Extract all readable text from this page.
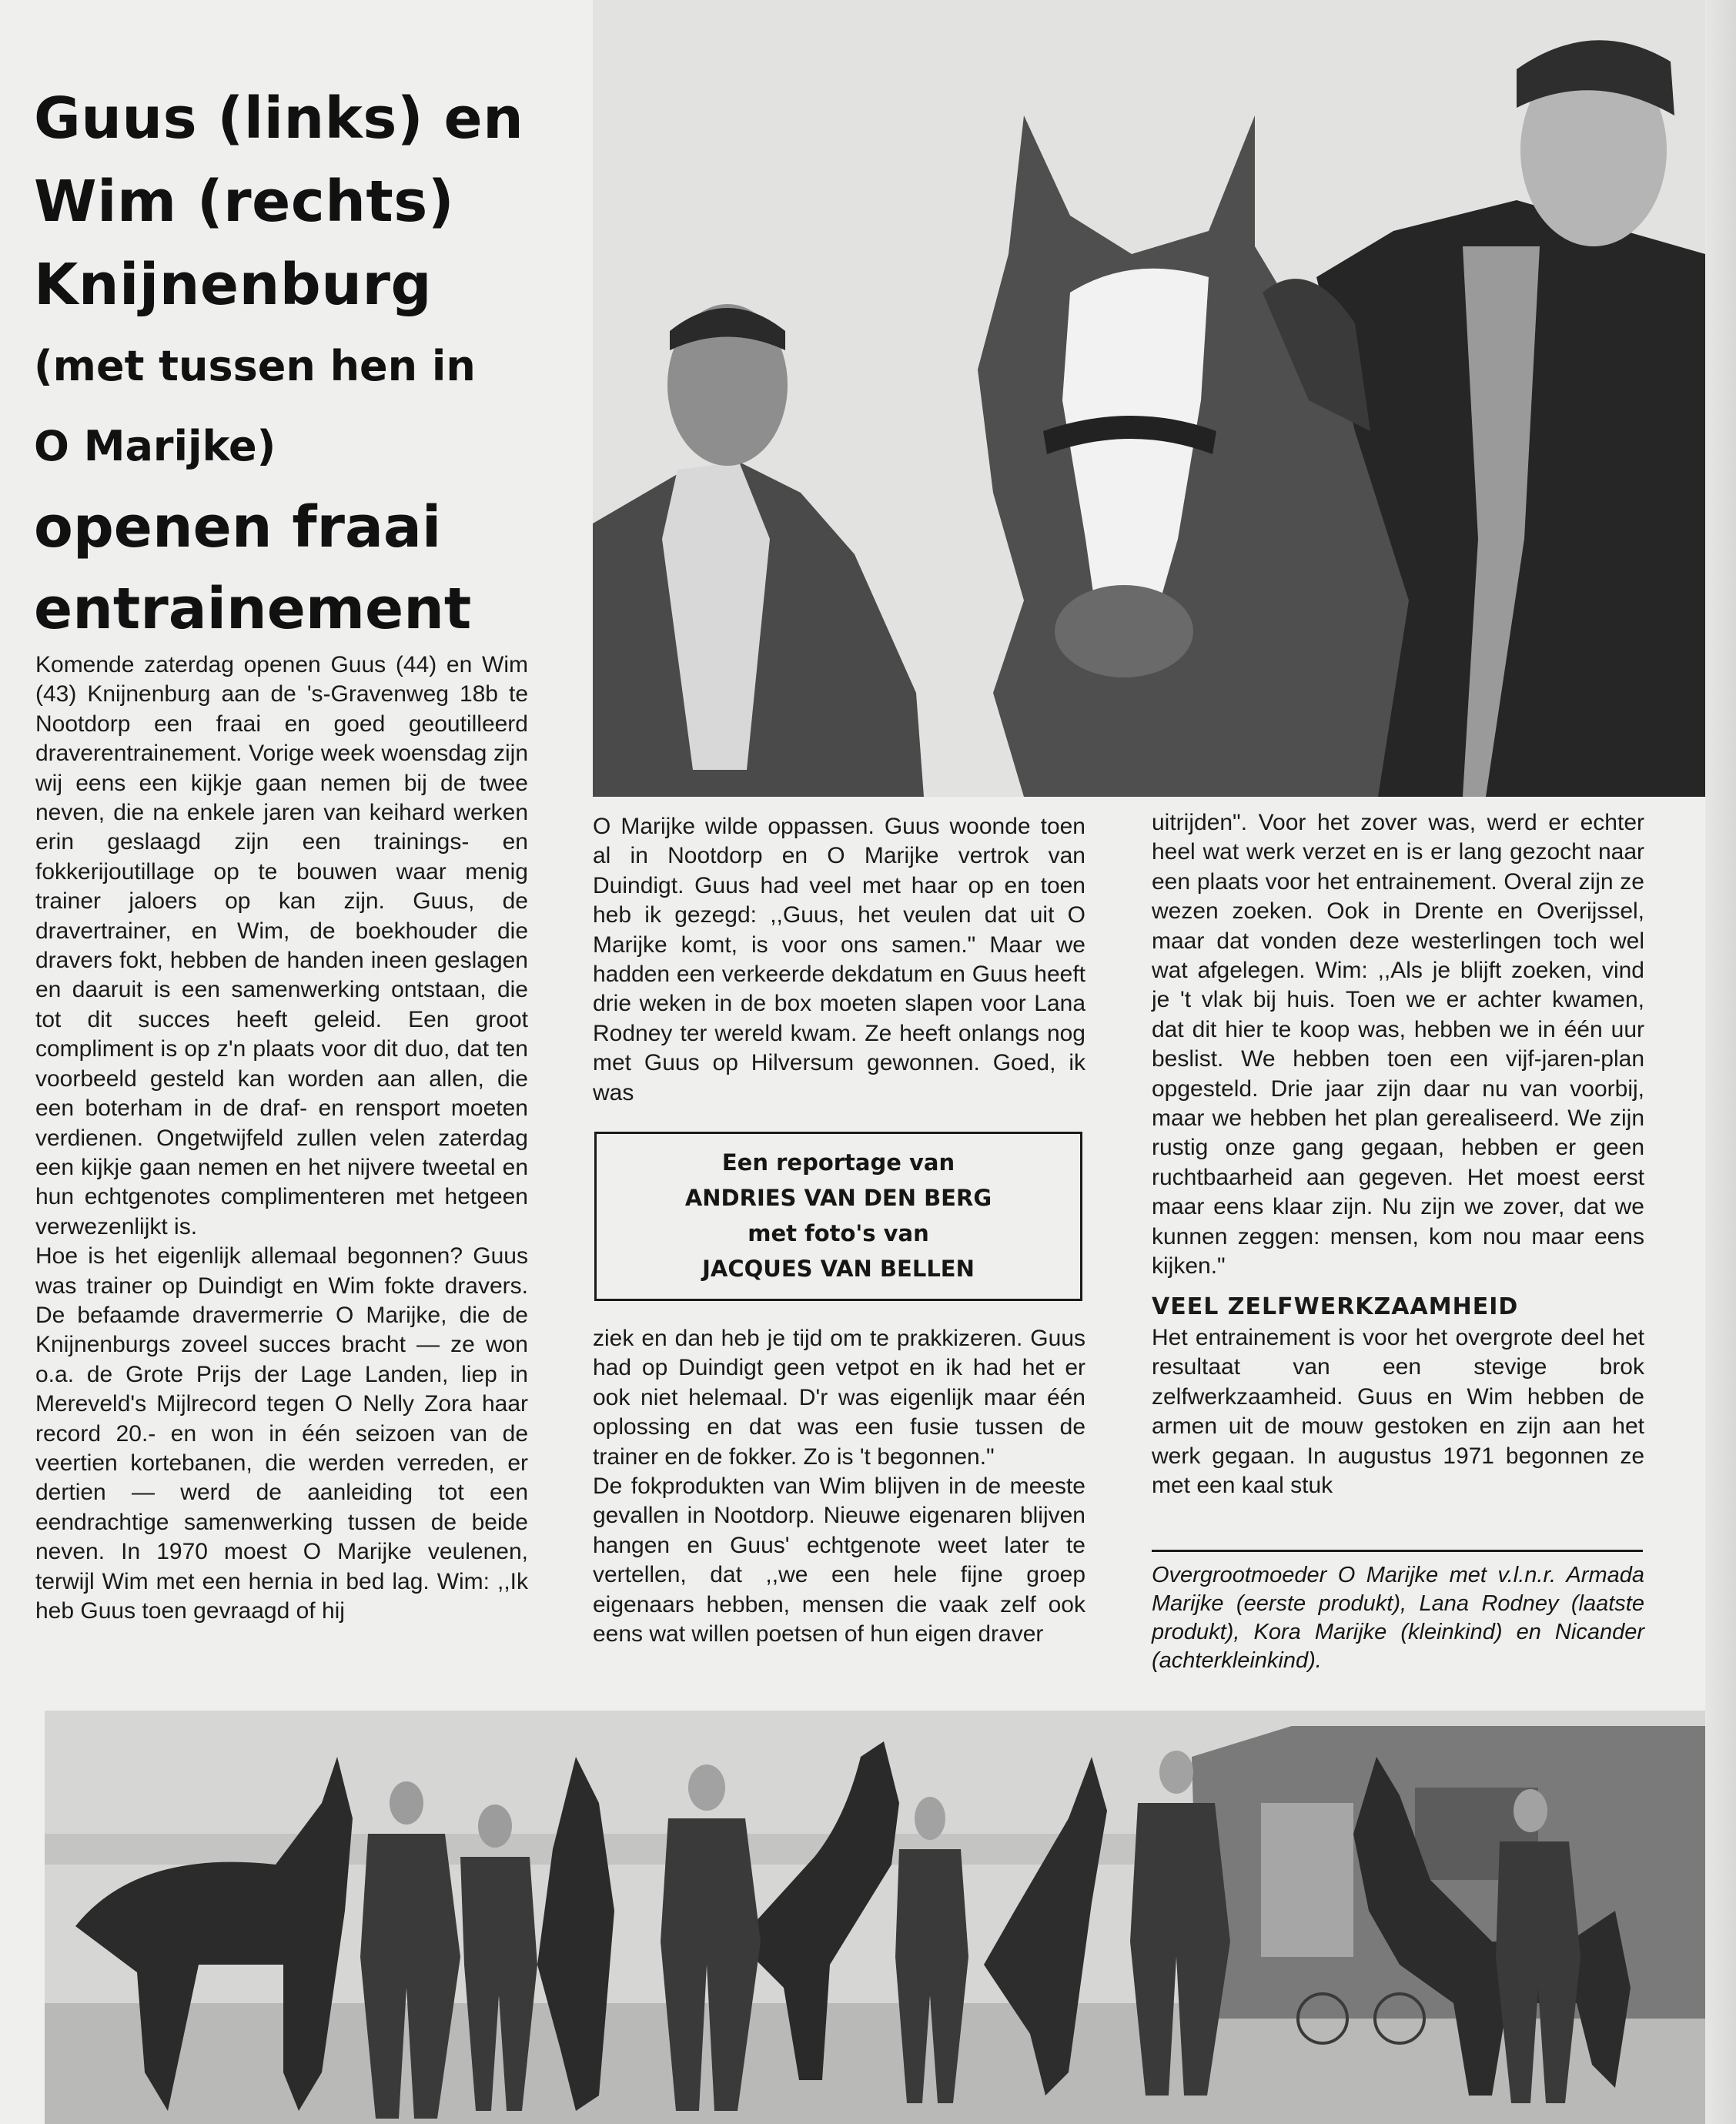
Guus (links) en
Wim (rechts)
Knijnenburg
(met tussen hen in
O Marijke)
openen fraai
entrainement

Komende zaterdag openen Guus (44) en Wim (43) Knijnenburg aan de 's-Gravenweg 18b te Nootdorp een fraai en goed geoutilleerd draverentrainement. Vorige week woensdag zijn wij eens een kijkje gaan nemen bij de twee neven, die na enkele jaren van keihard werken erin geslaagd zijn een trainings- en fokkerijoutillage op te bouwen waar menig trainer jaloers op kan zijn. Guus, de dravertrainer, en Wim, de boekhouder die dravers fokt, hebben de handen ineen geslagen en daaruit is een samenwerking ontstaan, die tot dit succes heeft geleid. Een groot compliment is op z'n plaats voor dit duo, dat ten voorbeeld gesteld kan worden aan allen, die een boterham in de draf- en rensport moeten verdienen. Ongetwijfeld zullen velen zaterdag een kijkje gaan nemen en het nijvere tweetal en hun echtgenotes complimenteren met hetgeen verwezenlijkt is.

Hoe is het eigenlijk allemaal begonnen? Guus was trainer op Duindigt en Wim fokte dravers. De befaamde dravermerrie O Marijke, die de Knijnenburgs zoveel succes bracht — ze won o.a. de Grote Prijs der Lage Landen, liep in Mereveld's Mijlrecord tegen O Nelly Zora haar record 20.- en won in één seizoen van de veertien kortebanen, die werden verreden, er dertien — werd de aanleiding tot een eendrachtige samenwerking tussen de beide neven. In 1970 moest O Marijke veulenen, terwijl Wim met een hernia in bed lag. Wim: ,,Ik heb Guus toen gevraagd of hij

O Marijke wilde oppassen. Guus woonde toen al in Nootdorp en O Marijke vertrok van Duindigt. Guus had veel met haar op en toen heb ik gezegd: ,,Guus, het veulen dat uit O Marijke komt, is voor ons samen." Maar we hadden een verkeerde dekdatum en Guus heeft drie weken in de box moeten slapen voor Lana Rodney ter wereld kwam. Ze heeft onlangs nog met Guus op Hilversum gewonnen. Goed, ik was

Een reportage van
ANDRIES VAN DEN BERG
met foto's van
JACQUES VAN BELLEN

ziek en dan heb je tijd om te prakkizeren. Guus had op Duindigt geen vetpot en ik had het er ook niet helemaal. D'r was eigenlijk maar één oplossing en dat was een fusie tussen de trainer en de fokker. Zo is 't begonnen."

De fokprodukten van Wim blijven in de meeste gevallen in Nootdorp. Nieuwe eigenaren blijven hangen en Guus' echtgenote weet later te vertellen, dat ,,we een hele fijne groep eigenaars hebben, mensen die vaak zelf ook eens wat willen poetsen of hun eigen draver

uitrijden". Voor het zover was, werd er echter heel wat werk verzet en is er lang gezocht naar een plaats voor het entrainement. Overal zijn ze wezen zoeken. Ook in Drente en Overijssel, maar dat vonden deze westerlingen toch wel wat afgelegen. Wim: ,,Als je blijft zoeken, vind je 't vlak bij huis. Toen we er achter kwamen, dat dit hier te koop was, hebben we in één uur beslist. We hebben toen een vijf-jaren-plan opgesteld. Drie jaar zijn daar nu van voorbij, maar we hebben het plan gerealiseerd. We zijn rustig onze gang gegaan, hebben er geen ruchtbaarheid aan gegeven. Het moest eerst maar eens klaar zijn. Nu zijn we zover, dat we kunnen zeggen: mensen, kom nou maar eens kijken."

VEEL ZELFWERKZAAMHEID

Het entrainement is voor het overgrote deel het resultaat van een stevige brok zelfwerkzaamheid. Guus en Wim hebben de armen uit de mouw gestoken en zijn aan het werk gegaan. In augustus 1971 begonnen ze met een kaal stuk

Overgrootmoeder O Marijke met v.l.n.r. Armada Marijke (eerste produkt), Lana Rodney (laatste produkt), Kora Marijke (kleinkind) en Nicander (achterkleinkind).
